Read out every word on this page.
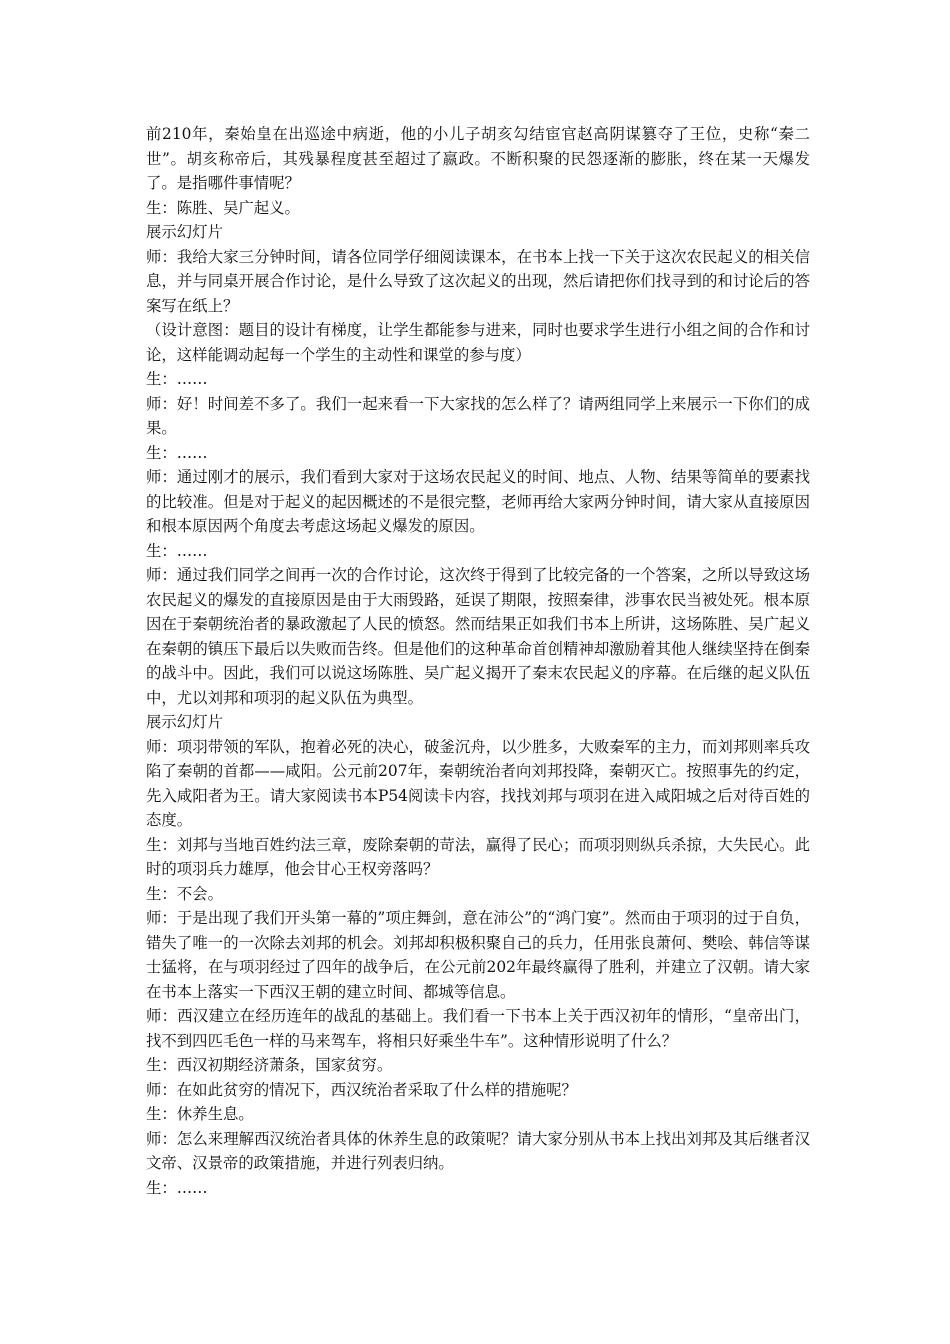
前210年，秦始皇在出巡途中病逝，他的小儿子胡亥勾结宦官赵高阴谋篡夺了王位，史称“秦二世”。胡亥称帝后，其残暴程度甚至超过了嬴政。不断积聚的民怨逐渐的膨胀，终在某一天爆发了。是指哪件事情呢？

生：陈胜、吴广起义。

展示幻灯片

师：我给大家三分钟时间，请各位同学仔细阅读课本，在书本上找一下关于这次农民起义的相关信息，并与同桌开展合作讨论，是什么导致了这次起义的出现，然后请把你们找寻到的和讨论后的答案写在纸上？

（设计意图：题目的设计有梯度，让学生都能参与进来，同时也要求学生进行小组之间的合作和讨论，这样能调动起每一个学生的主动性和课堂的参与度）

生：……

师：好！时间差不多了。我们一起来看一下大家找的怎么样了？请两组同学上来展示一下你们的成果。

生：……

师：通过刚才的展示，我们看到大家对于这场农民起义的时间、地点、人物、结果等简单的要素找的比较准。但是对于起义的起因概述的不是很完整，老师再给大家两分钟时间，请大家从直接原因和根本原因两个角度去考虑这场起义爆发的原因。

生：……

师：通过我们同学之间再一次的合作讨论，这次终于得到了比较完备的一个答案，之所以导致这场农民起义的爆发的直接原因是由于大雨毁路，延误了期限，按照秦律，涉事农民当被处死。根本原因在于秦朝统治者的暴政激起了人民的愤怒。然而结果正如我们书本上所讲，这场陈胜、吴广起义在秦朝的镇压下最后以失败而告终。但是他们的这种革命首创精神却激励着其他人继续坚持在倒秦的战斗中。因此，我们可以说这场陈胜、吴广起义揭开了秦末农民起义的序幕。在后继的起义队伍中，尤以刘邦和项羽的起义队伍为典型。

展示幻灯片

师：项羽带领的军队，抱着必死的决心，破釜沉舟，以少胜多，大败秦军的主力，而刘邦则率兵攻陷了秦朝的首都——咸阳。公元前207年，秦朝统治者向刘邦投降，秦朝灭亡。按照事先的约定，先入咸阳者为王。请大家阅读书本P54阅读卡内容，找找刘邦与项羽在进入咸阳城之后对待百姓的态度。

生：刘邦与当地百姓约法三章，废除秦朝的苛法，赢得了民心；而项羽则纵兵杀掠，大失民心。此时的项羽兵力雄厚，他会甘心王权旁落吗？

生：不会。

师：于是出现了我们开头第一幕的”项庄舞剑，意在沛公”的“鸿门宴”。然而由于项羽的过于自负，错失了唯一的一次除去刘邦的机会。刘邦却积极积聚自己的兵力，任用张良萧何、樊哙、韩信等谋士猛将，在与项羽经过了四年的战争后，在公元前202年最终赢得了胜利，并建立了汉朝。请大家在书本上落实一下西汉王朝的建立时间、都城等信息。

师：西汉建立在经历连年的战乱的基础上。我们看一下书本上关于西汉初年的情形，“皇帝出门，找不到四匹毛色一样的马来驾车，将相只好乘坐牛车”。这种情形说明了什么？

生：西汉初期经济萧条，国家贫穷。

师：在如此贫穷的情况下，西汉统治者采取了什么样的措施呢？

生：休养生息。

师：怎么来理解西汉统治者具体的休养生息的政策呢？请大家分别从书本上找出刘邦及其后继者汉文帝、汉景帝的政策措施，并进行列表归纳。

生：……
